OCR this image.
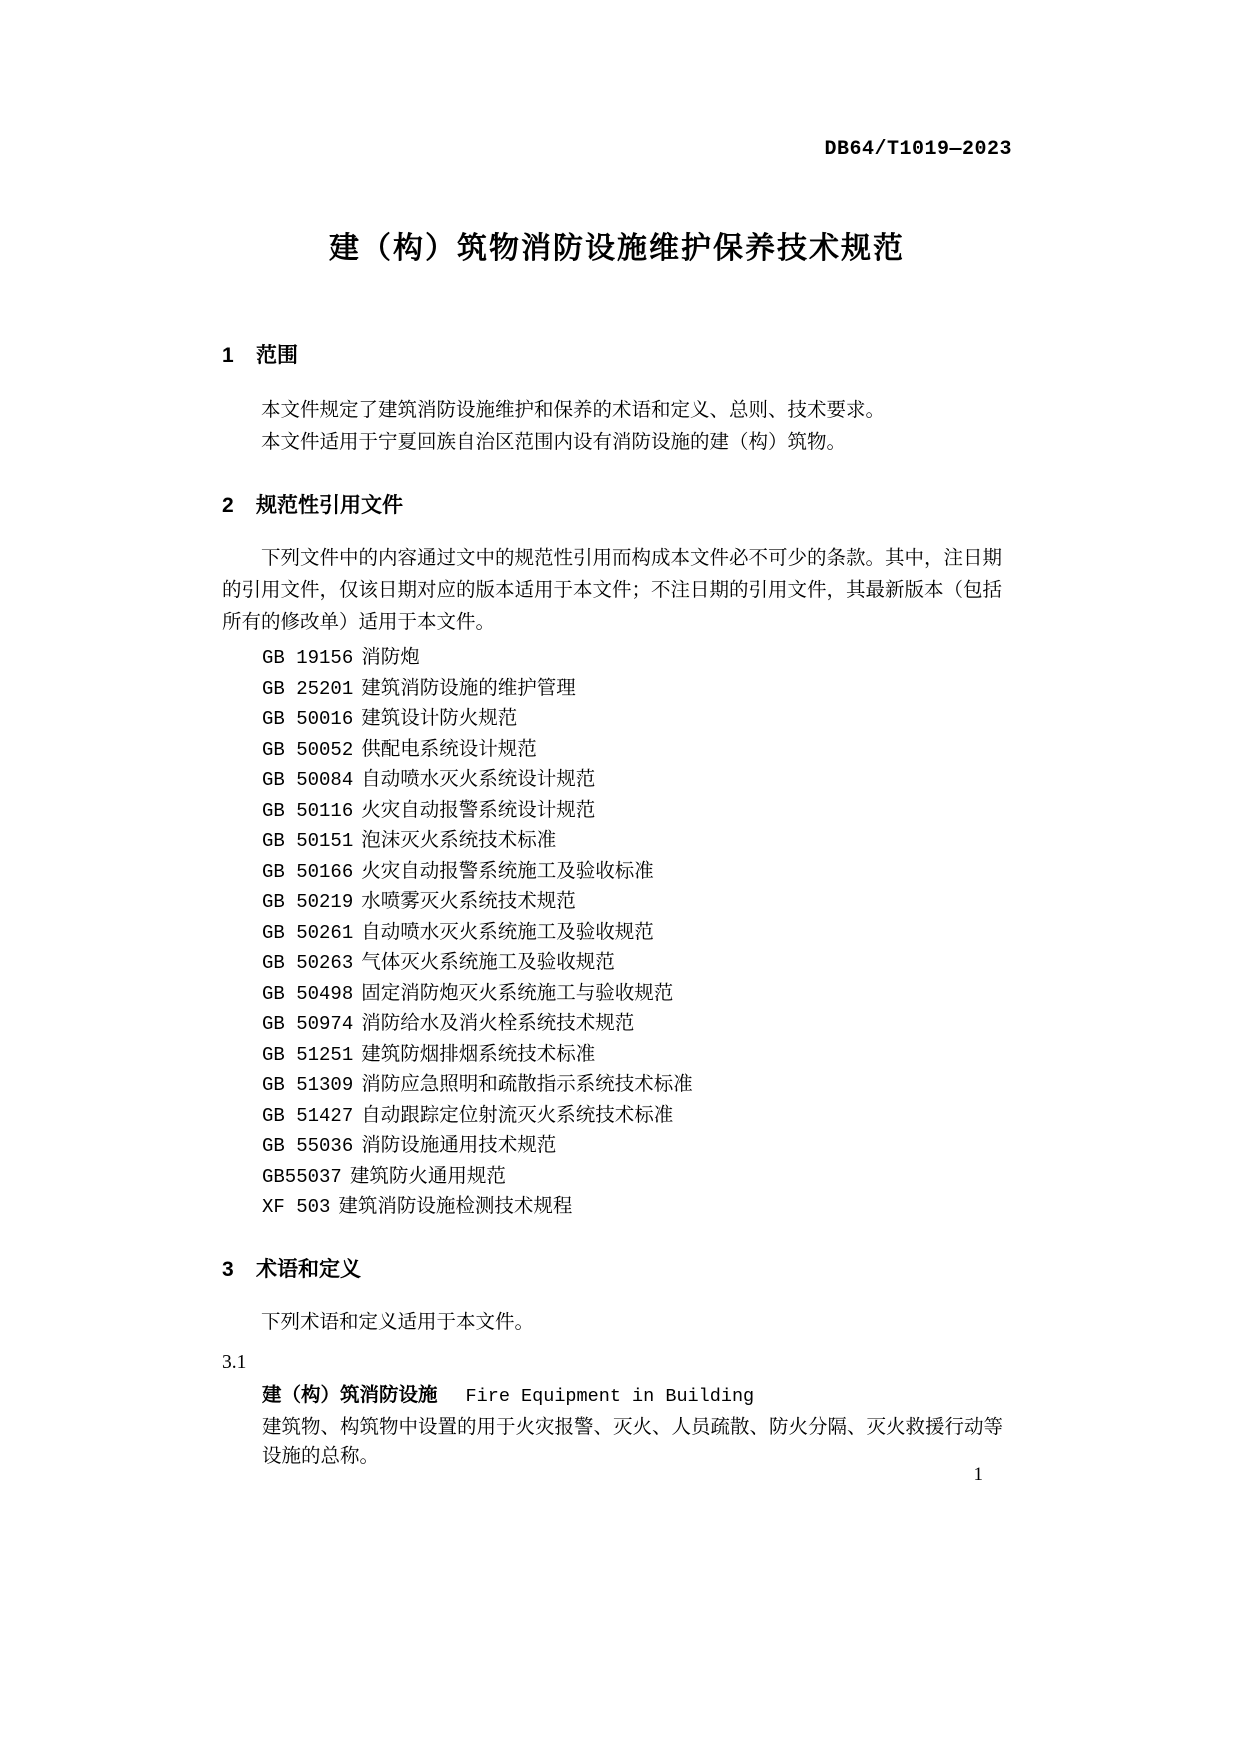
DB64/T1019—2023
建（构）筑物消防设施维护保养技术规范
1 范围

本文件规定了建筑消防设施维护和保养的术语和定义、总则、技术要求。

本文件适用于宁夏回族自治区范围内设有消防设施的建（构）筑物。

2 规范性引用文件

下列文件中的内容通过文中的规范性引用而构成本文件必不可少的条款。其中，注日期的引用文件，仅该日期对应的版本适用于本文件；不注日期的引用文件，其最新版本（包括所有的修改单）适用于本文件。

GB 19156 消防炮
GB 25201 建筑消防设施的维护管理
GB 50016 建筑设计防火规范
GB 50052 供配电系统设计规范
GB 50084 自动喷水灭火系统设计规范
GB 50116 火灾自动报警系统设计规范
GB 50151 泡沫灭火系统技术标准
GB 50166 火灾自动报警系统施工及验收标准
GB 50219 水喷雾灭火系统技术规范
GB 50261 自动喷水灭火系统施工及验收规范
GB 50263 气体灭火系统施工及验收规范
GB 50498 固定消防炮灭火系统施工与验收规范
GB 50974 消防给水及消火栓系统技术规范
GB 51251 建筑防烟排烟系统技术标准
GB 51309 消防应急照明和疏散指示系统技术标准
GB 51427 自动跟踪定位射流灭火系统技术标准
GB 55036 消防设施通用技术规范
GB55037 建筑防火通用规范
XF 503 建筑消防设施检测技术规程
3 术语和定义

下列术语和定义适用于本文件。

3.1
建（构）筑消防设施 Fire Equipment in Building

建筑物、构筑物中设置的用于火灾报警、灭火、人员疏散、防火分隔、灭火救援行动等设施的总称。

1
